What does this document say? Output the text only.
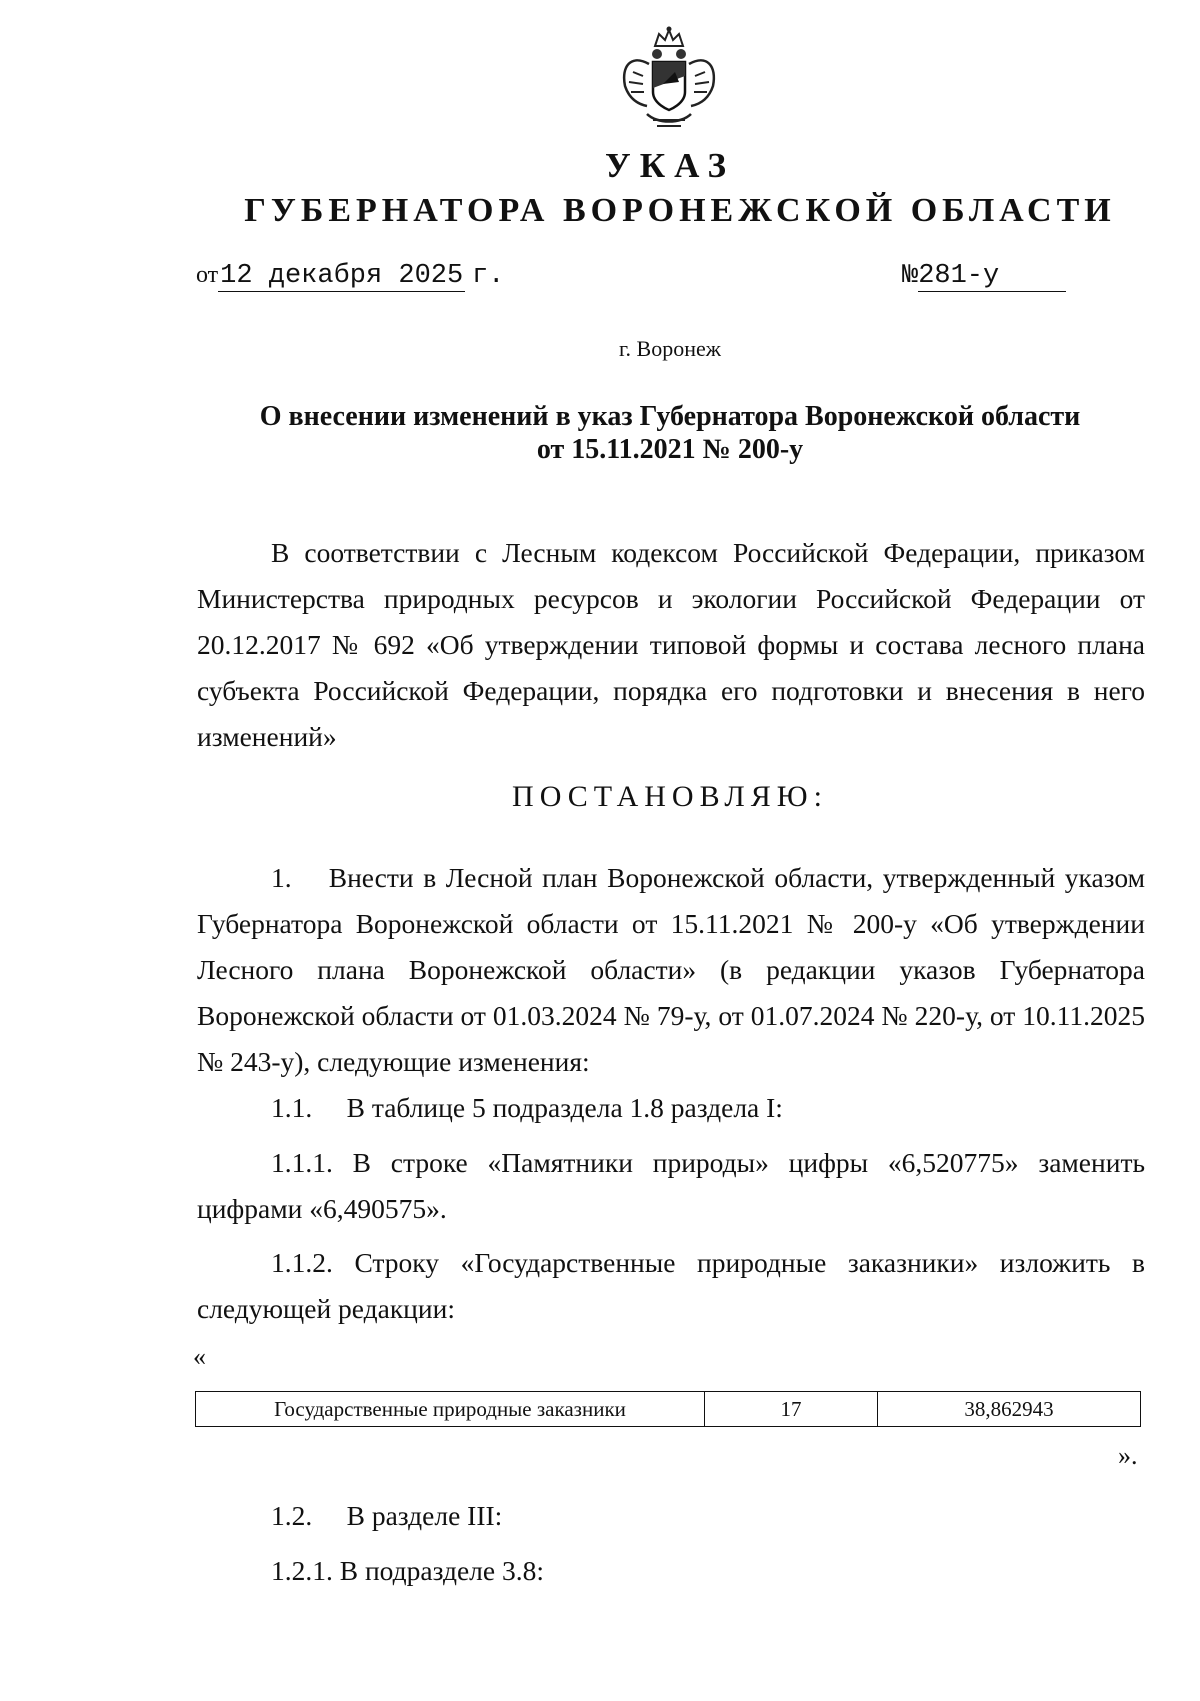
УКАЗ
ГУБЕРНАТОРА ВОРОНЕЖСКОЙ ОБЛАСТИ
от12 декабря 2025 г.	№281-у
г. Воронеж
О внесении изменений в указ Губернатора Воронежской области
от 15.11.2021 № 200-у
В соответствии с Лесным кодексом Российской Федерации, приказом Министерства природных ресурсов и экологии Российской Федерации от 20.12.2017 № 692 «Об утверждении типовой формы и состава лесного плана субъекта Российской Федерации, порядка его подготовки и внесения в него изменений»
ПОСТАНОВЛЯЮ:
1.  Внести в Лесной план Воронежской области, утвержденный указом Губернатора Воронежской области от 15.11.2021 № 200-у «Об утверждении Лесного плана Воронежской области» (в редакции указов Губернатора Воронежской области от 01.03.2024 № 79-у, от 01.07.2024 № 220-у, от 10.11.2025 № 243-у), следующие изменения:
1.1.  В таблице 5 подраздела 1.8 раздела I:
1.1.1. В строке «Памятники природы» цифры «6,520775» заменить цифрами «6,490575».
1.1.2. Строку «Государственные природные заказники» изложить в следующей редакции:
«
Государственные природные заказники	17	38,862943
».
1.2.  В разделе III:
1.2.1. В подразделе 3.8:
